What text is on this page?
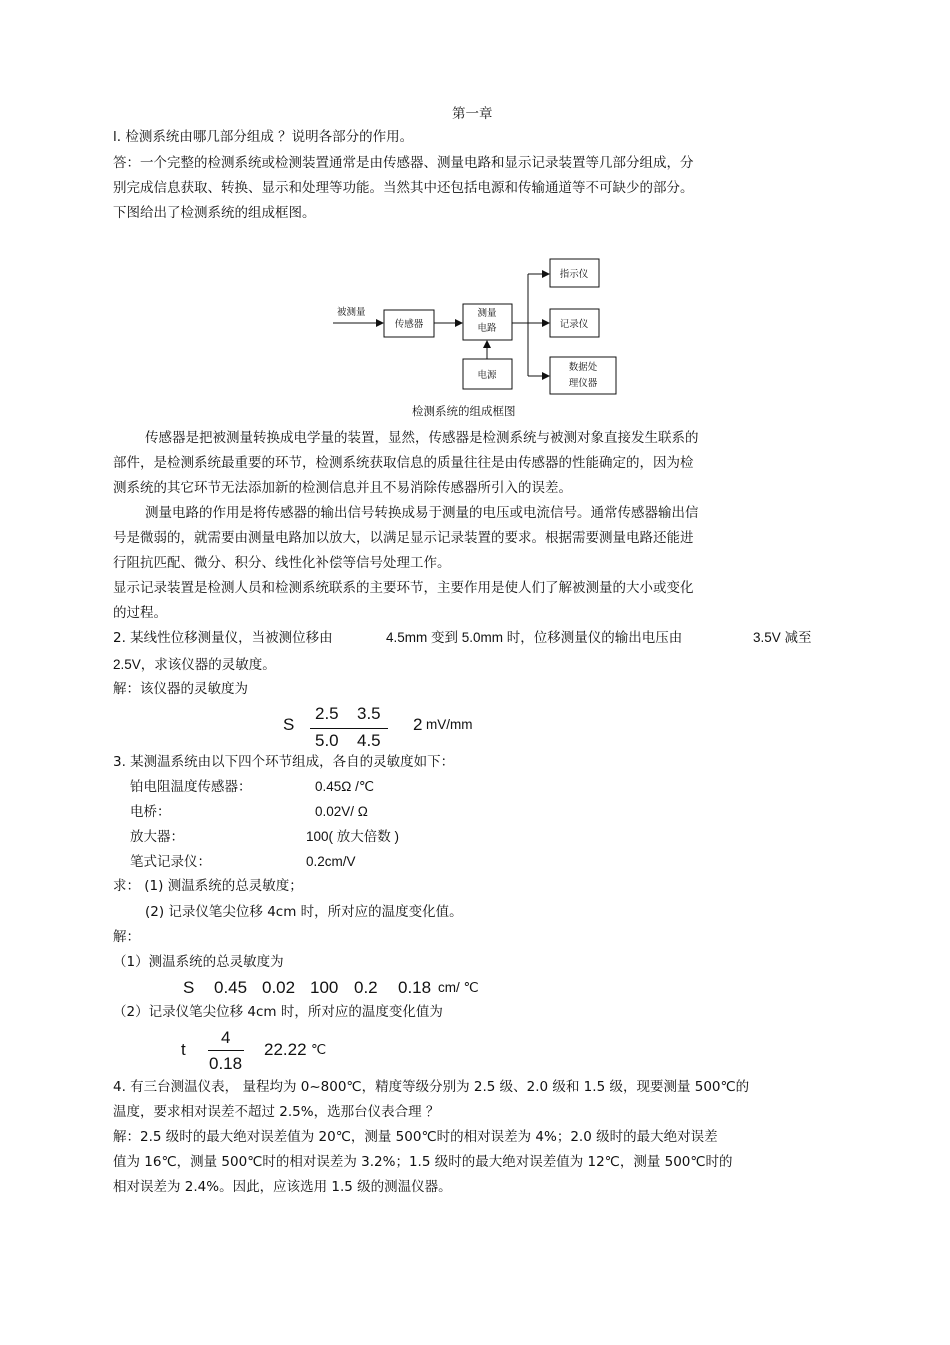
第一章
l. 检测系统由哪几部分组成 ？说明各部分的作用。
答：一个完整的检测系统或检测装置通常是由传感器、测量电路和显示记录装置等几部分组成，分
别完成信息获取、转换、显示和处理等功能。当然其中还包括电源和传输通道等不可缺少的部分。
下图给出了检测系统的组成框图。
被测量
传感器
测量
电路
电源
指示仪
记录仪
数据处
理仪器
检测系统的组成框图
传感器是把被测量转换成电学量的装置，显然，传感器是检测系统与被测对象直接发生联系的
部件，是检测系统最重要的环节，检测系统获取信息的质量往往是由传感器的性能确定的，因为检
测系统的其它环节无法添加新的检测信息并且不易消除传感器所引入的误差。
测量电路的作用是将传感器的输出信号转换成易于测量的电压或电流信号。通常传感器输出信
号是微弱的，就需要由测量电路加以放大，以满足显示记录装置的要求。根据需要测量电路还能进
行阻抗匹配、微分、积分、线性化补偿等信号处理工作。
显示记录装置是检测人员和检测系统联系的主要环节，主要作用是使人们了解被测量的大小或变化
的过程。
2. 某线性位移测量仪，当被测位移由	4.5mm 变到 5.0mm 时，位移测量仪的输出电压由	3.5V 减至
2.5V，求该仪器的灵敏度。
解：该仪器的灵敏度为
S
2.5 3.5
5.0 4.5
2 mV/mm
3. 某测温系统由以下四个环节组成，各自的灵敏度如下：
铂电阻温度传感器：	0.45Ω /℃
电桥：	0.02V/ Ω
放大器：	100( 放大倍数 )
笔式记录仪：	0.2cm/V
求： (1) 测温系统的总灵敏度；
(2) 记录仪笔尖位移 4cm 时，所对应的温度变化值。
解：
（1）测温系统的总灵敏度为
S 0.45 0.02 100 0.2 0.18 cm/ ℃
（2）记录仪笔尖位移 4cm 时，所对应的温度变化值为
t
4
0.18
22.22 ℃
4. 有三台测温仪表， 量程均为 0~800℃，精度等级分别为 2.5 级、2.0 级和 1.5 级，现要测量 500℃的
温度，要求相对误差不超过 2.5%，选那台仪表合理 ？
解：2.5 级时的最大绝对误差值为 20℃，测量 500℃时的相对误差为 4%；2.0 级时的最大绝对误差
值为 16℃，测量 500℃时的相对误差为 3.2%；1.5 级时的最大绝对误差值为 12℃，测量 500℃时的
相对误差为 2.4%。因此，应该选用 1.5 级的测温仪器。
